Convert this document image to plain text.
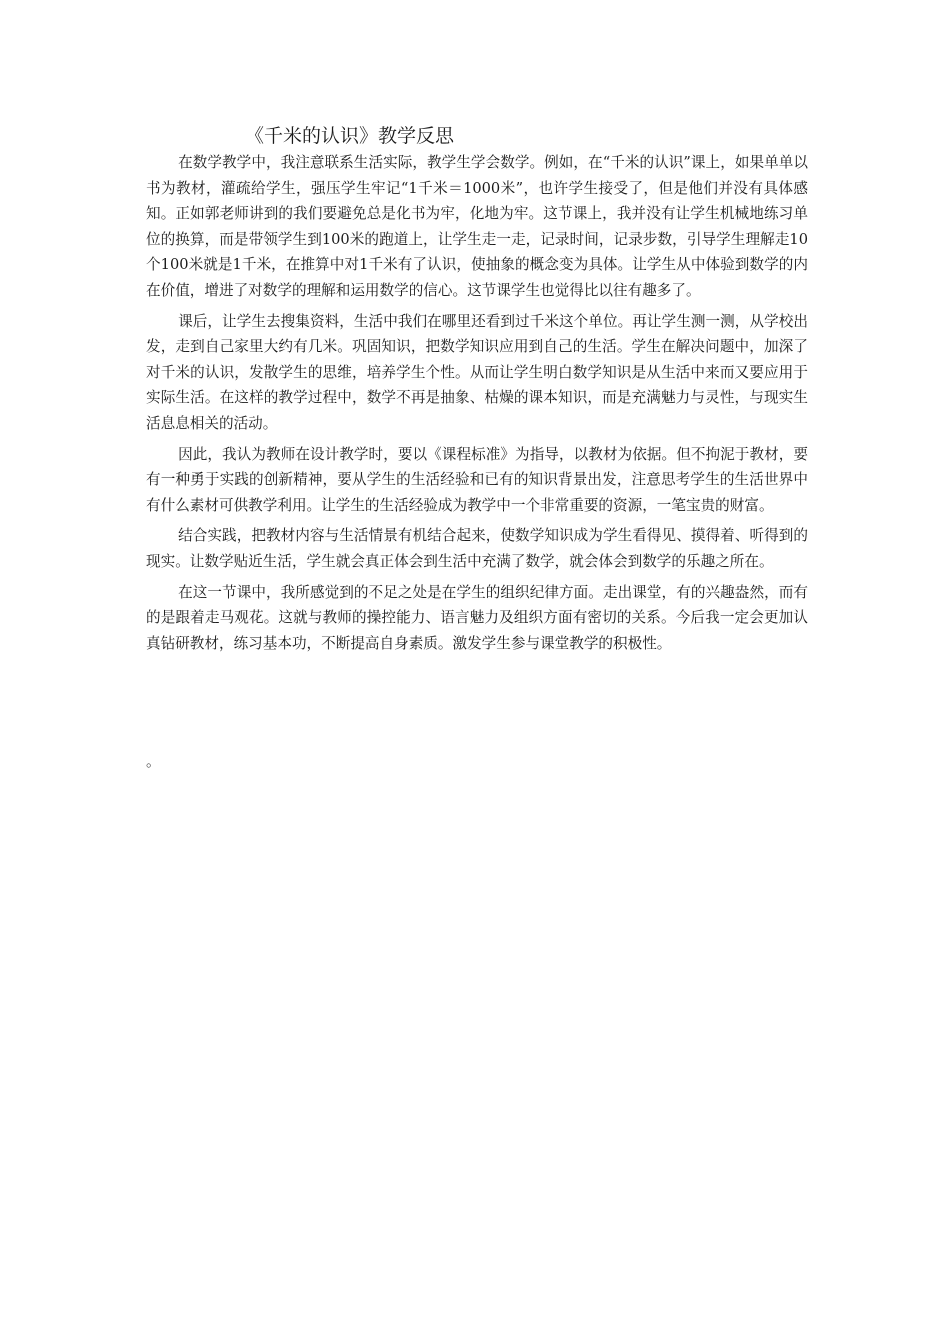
《千米的认识》教学反思

在数学教学中，我注意联系生活实际，教学生学会数学。例如，在“千米的认识”课上，如果单单以书为教材，灌疏给学生，强压学生牢记“1千米＝1000米”，也许学生接受了，但是他们并没有具体感知。正如郭老师讲到的我们要避免总是化书为牢，化地为牢。这节课上，我并没有让学生机械地练习单位的换算，而是带领学生到100米的跑道上，让学生走一走，记录时间，记录步数，引导学生理解走10个100米就是1千米，在推算中对1千米有了认识，使抽象的概念变为具体。让学生从中体验到数学的内在价值，增进了对数学的理解和运用数学的信心。这节课学生也觉得比以往有趣多了。

课后，让学生去搜集资料，生活中我们在哪里还看到过千米这个单位。再让学生测一测，从学校出发，走到自己家里大约有几米。巩固知识，把数学知识应用到自己的生活。学生在解决问题中，加深了对千米的认识，发散学生的思维，培养学生个性。从而让学生明白数学知识是从生活中来而又要应用于实际生活。在这样的教学过程中，数学不再是抽象、枯燥的课本知识，而是充满魅力与灵性，与现实生活息息相关的活动。

因此，我认为教师在设计教学时，要以《课程标准》为指导，以教材为依据。但不拘泥于教材，要有一种勇于实践的创新精神，要从学生的生活经验和已有的知识背景出发，注意思考学生的生活世界中有什么素材可供教学利用。让学生的生活经验成为教学中一个非常重要的资源，一笔宝贵的财富。

结合实践，把教材内容与生活情景有机结合起来，使数学知识成为学生看得见、摸得着、听得到的现实。让数学贴近生活，学生就会真正体会到生活中充满了数学，就会体会到数学的乐趣之所在。

在这一节课中，我所感觉到的不足之处是在学生的组织纪律方面。走出课堂，有的兴趣盎然，而有的是跟着走马观花。这就与教师的操控能力、语言魅力及组织方面有密切的关系。今后我一定会更加认真钻研教材，练习基本功，不断提高自身素质。激发学生参与课堂教学的积极性。

。
